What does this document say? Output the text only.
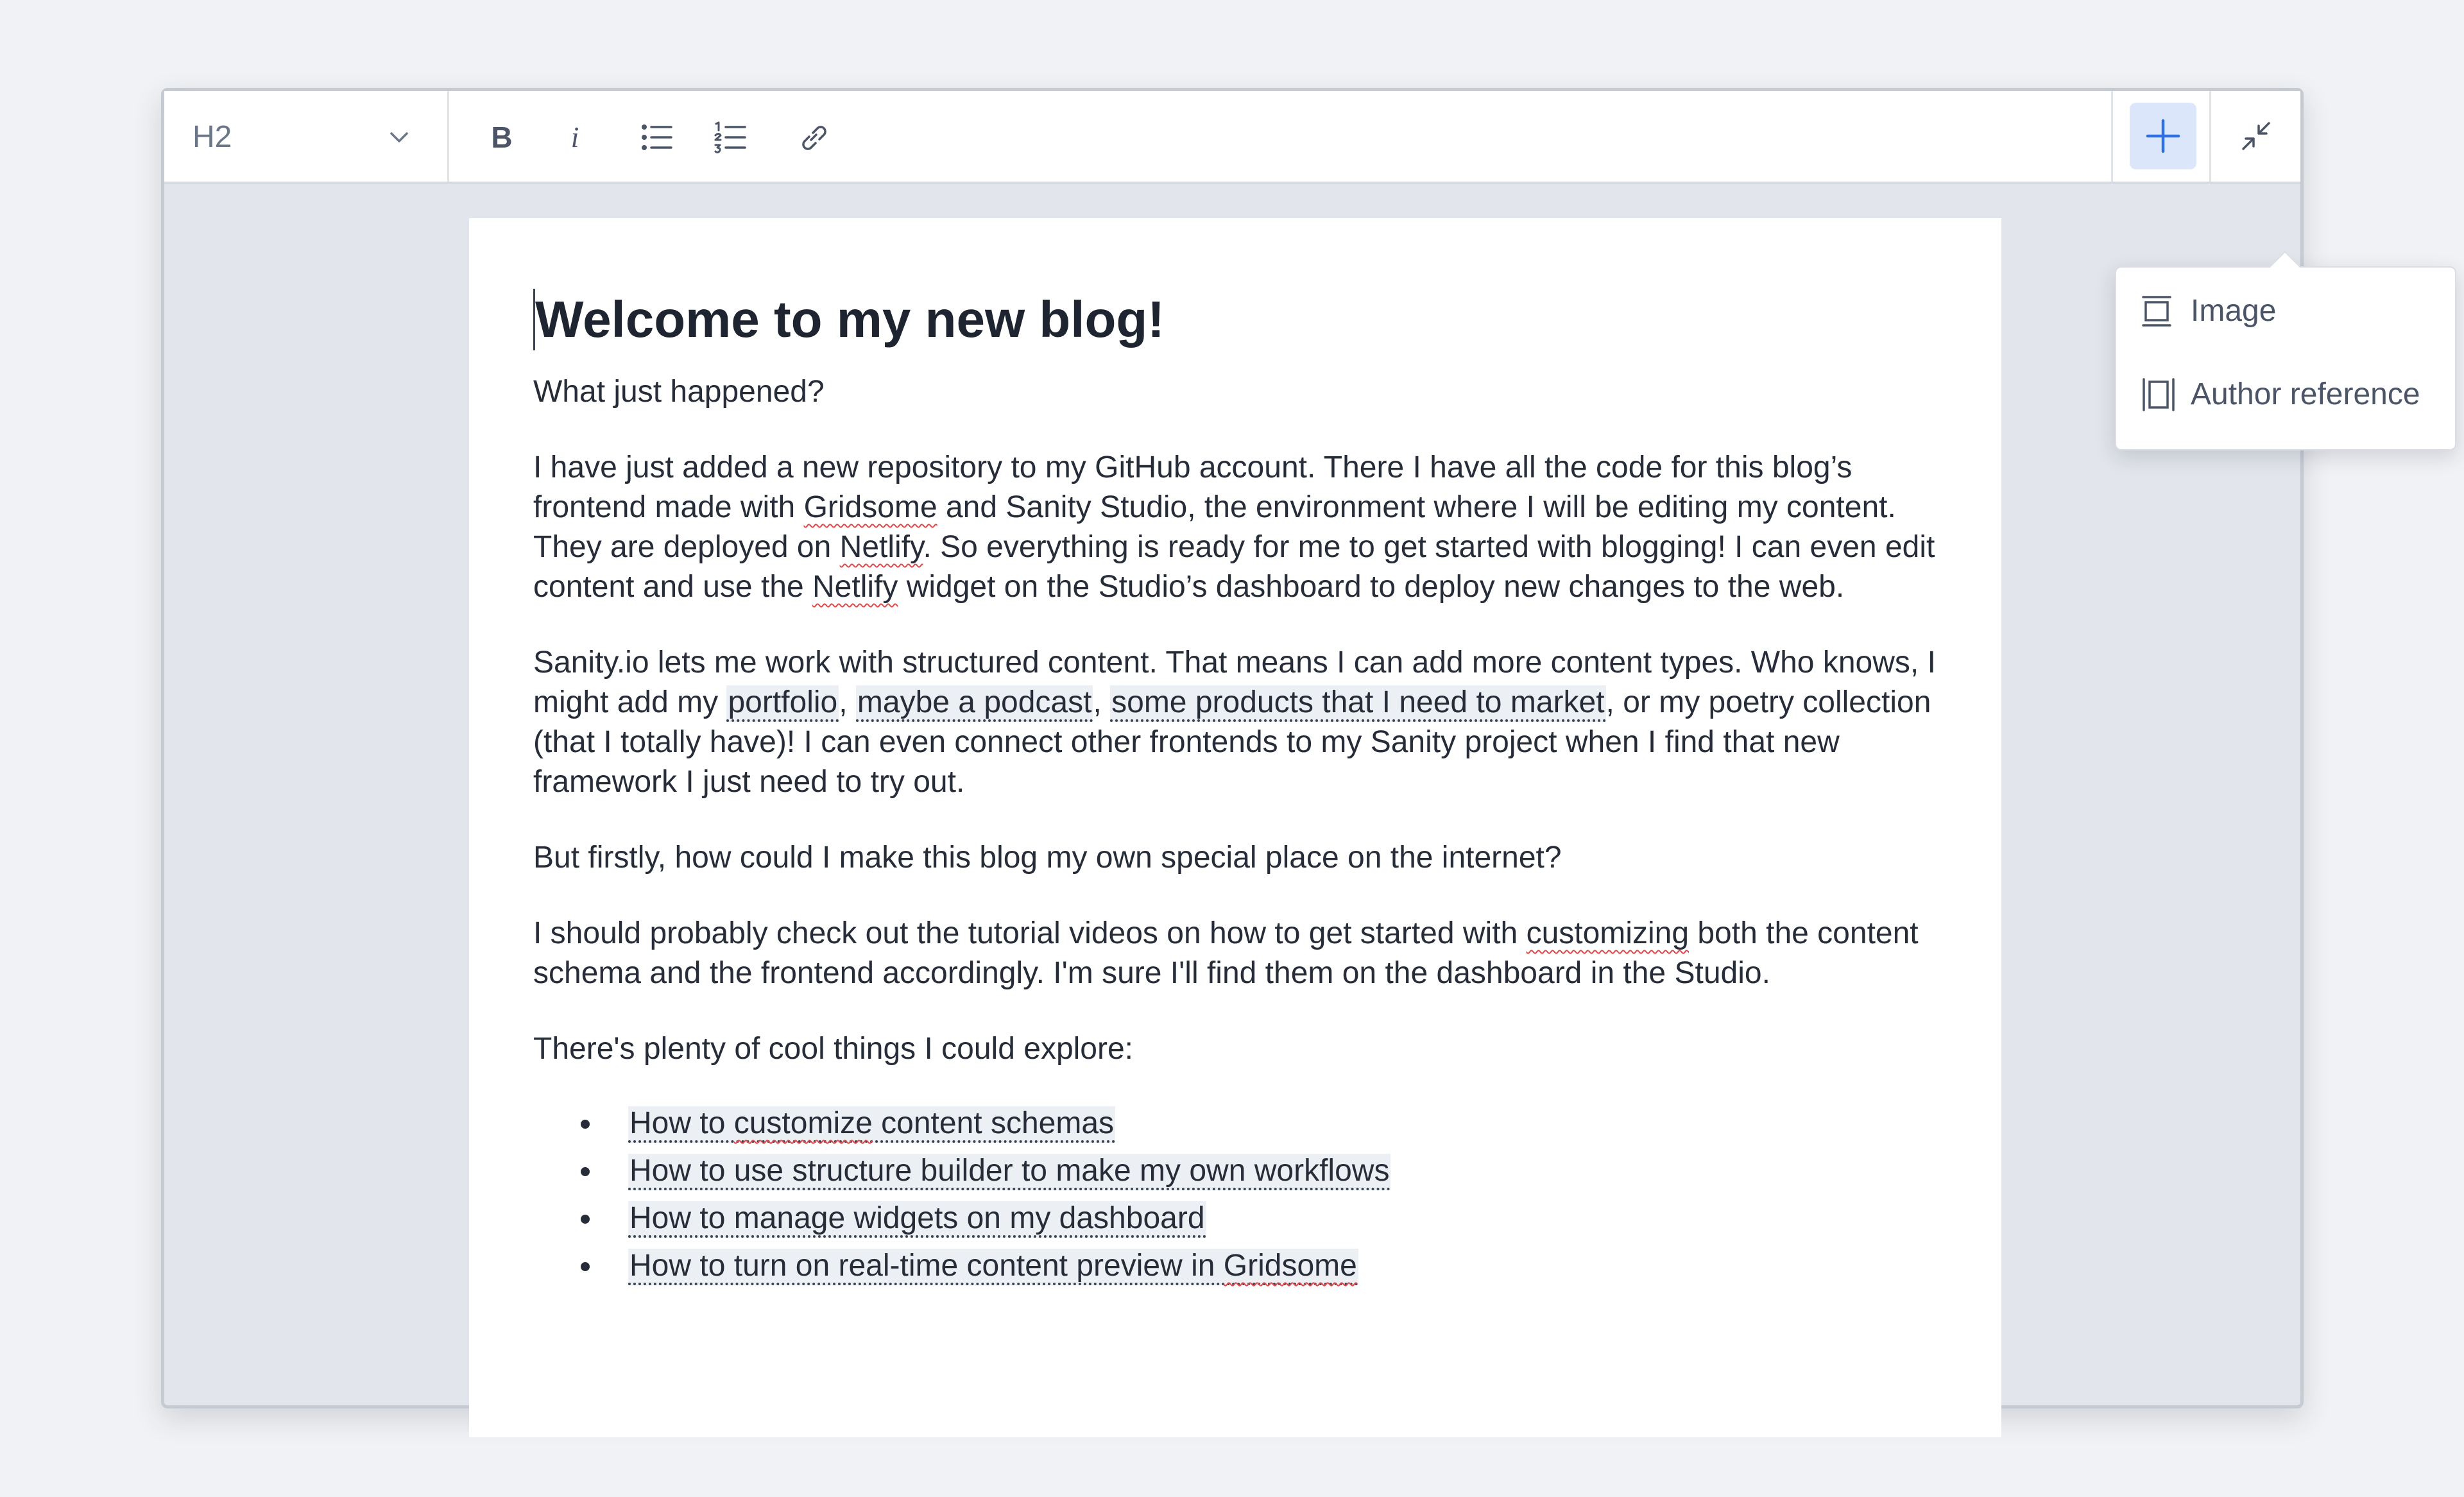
H2	B	i
Welcome to my new blog!

What just happened?

I have just added a new repository to my GitHub account. There I have all the code for this blog’s frontend made with Gridsome and Sanity Studio, the environment where I will be editing my content. They are deployed on Netlify. So everything is ready for me to get started with blogging! I can even edit content and use the Netlify widget on the Studio’s dashboard to deploy new changes to the web.

Sanity.io lets me work with structured content. That means I can add more content types. Who knows, I might add my portfolio, maybe a podcast, some products that I need to market, or my poetry collection (that I totally have)! I can even connect other frontends to my Sanity project when I find that new framework I just need to try out.

But firstly, how could I make this blog my own special place on the internet?

I should probably check out the tutorial videos on how to get started with customizing both the content schema and the frontend accordingly. I'm sure I'll find them on the dashboard in the Studio.

There's plenty of cool things I could explore:

How to customize content schemas
How to use structure builder to make my own workflows
How to manage widgets on my dashboard
How to turn on real-time content preview in Gridsome
Image
Author reference
